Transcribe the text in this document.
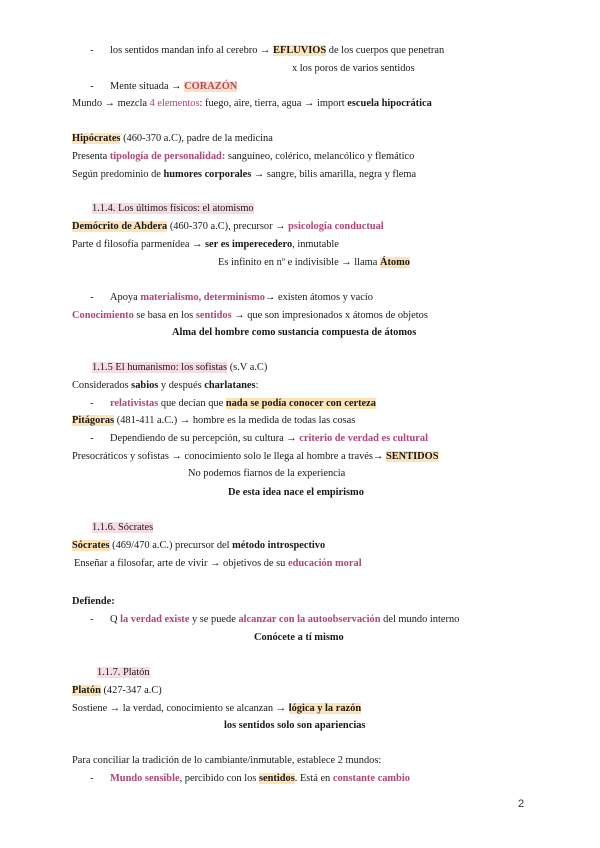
- los sentidos mandan info al cerebro → EFLUVIOS de los cuerpos que penetran
x los poros de varios sentidos
- Mente situada → CORAZÓN
Mundo → mezcla 4 elementos: fuego, aire, tierra, agua → import escuela hipocrática
Hipócrates (460-370 a.C), padre de la medicina
Presenta tipología de personalidad: sanguíneo, colérico, melancólico y flemático
Según predominio de humores corporales → sangre, bilis amarilla, negra y flema
1.1.4. Los últimos físicos: el atomismo
Demócrito de Abdera (460-370 a.C), precursor → psicología conductual
Parte d filosofía parmenídea → ser es imperecedero, inmutable
Es infinito en nº e indivisible → llama Átomo
- Apoya materialismo, determinismo→ existen átomos y vacío
Conocimiento se basa en los sentidos → que son impresionados x átomos de objetos
Alma del hombre como sustancia compuesta de átomos
1.1.5 El humanismo: los sofistas (s.V a.C)
Considerados sabios y después charlatanes:
- relativistas que decían que nada se podía conocer con certeza
Pitágoras (481-411 a.C.) → hombre es la medida de todas las cosas
- Dependiendo de su percepción, su cultura → criterio de verdad es cultural
Presocráticos y sofistas → conocimiento solo le llega al hombre a través→ SENTIDOS
No podemos fiarnos de la experiencia
De esta idea nace el empirismo
1.1.6. Sócrates
Sócrates (469/470 a.C.) precursor del método introspectivo
Enseñar a filosofar, arte de vivir → objetivos de su educación moral
Defiende:
- Q la verdad existe y se puede alcanzar con la autoobservación del mundo interno
Conócete a tí mismo
1.1.7. Platón
Platón (427-347 a.C)
Sostiene → la verdad, conocimiento se alcanzan → lógica y la razón
los sentidos solo son apariencias
Para conciliar la tradición de lo cambiante/inmutable, establece 2 mundos:
- Mundo sensible, percibido con los sentidos. Está en constante cambio
2
